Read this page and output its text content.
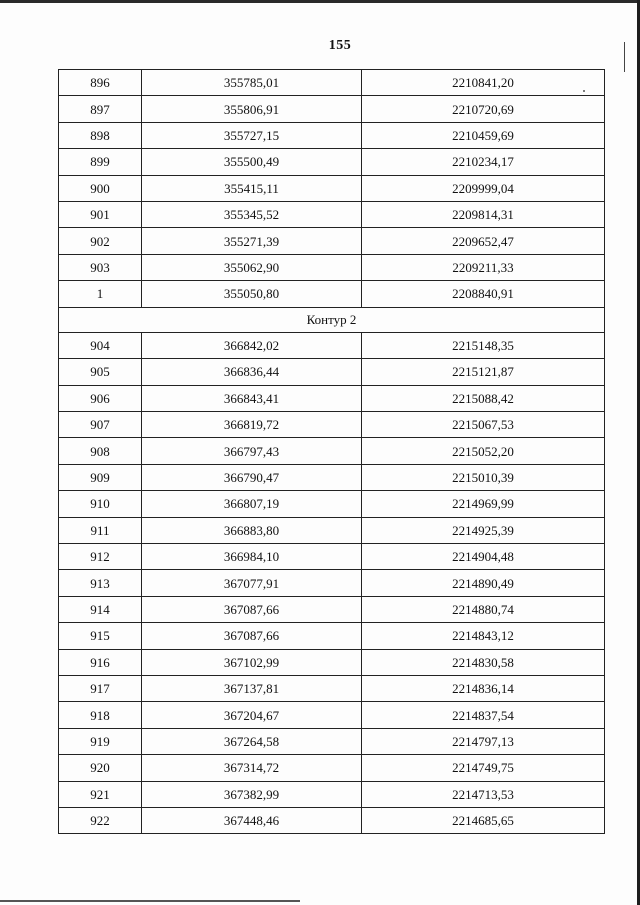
155
896	355785,01	2210841,20
897	355806,91	2210720,69
898	355727,15	2210459,69
899	355500,49	2210234,17
900	355415,11	2209999,04
901	355345,52	2209814,31
902	355271,39	2209652,47
903	355062,90	2209211,33
1	355050,80	2208840,91
Контур 2		
904	366842,02	2215148,35
905	366836,44	2215121,87
906	366843,41	2215088,42
907	366819,72	2215067,53
908	366797,43	2215052,20
909	366790,47	2215010,39
910	366807,19	2214969,99
911	366883,80	2214925,39
912	366984,10	2214904,48
913	367077,91	2214890,49
914	367087,66	2214880,74
915	367087,66	2214843,12
916	367102,99	2214830,58
917	367137,81	2214836,14
918	367204,67	2214837,54
919	367264,58	2214797,13
920	367314,72	2214749,75
921	367382,99	2214713,53
922	367448,46	2214685,65
